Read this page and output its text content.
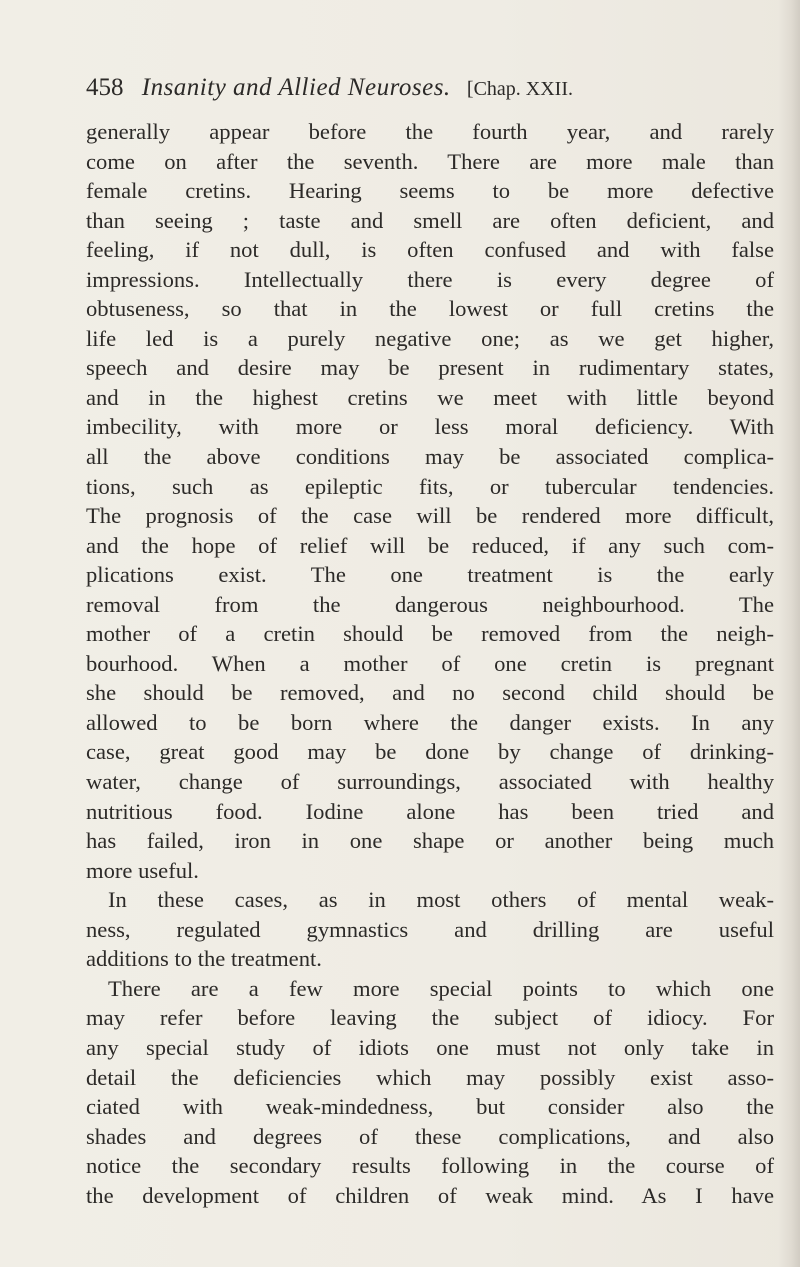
458 Insanity and Allied Neuroses. [Chap. XXII.
generally appear before the fourth year, and rarely
come on after the seventh. There are more male than
female cretins. Hearing seems to be more defective
than seeing ; taste and smell are often deficient, and
feeling, if not dull, is often confused and with false
impressions. Intellectually there is every degree of
obtuseness, so that in the lowest or full cretins the
life led is a purely negative one; as we get higher,
speech and desire may be present in rudimentary states,
and in the highest cretins we meet with little beyond
imbecility, with more or less moral deficiency. With
all the above conditions may be associated complica-
tions, such as epileptic fits, or tubercular tendencies.
The prognosis of the case will be rendered more difficult,
and the hope of relief will be reduced, if any such com-
plications exist. The one treatment is the early
removal from the dangerous neighbourhood. The
mother of a cretin should be removed from the neigh-
bourhood. When a mother of one cretin is pregnant
she should be removed, and no second child should be
allowed to be born where the danger exists. In any
case, great good may be done by change of drinking-
water, change of surroundings, associated with healthy
nutritious food. Iodine alone has been tried and
has failed, iron in one shape or another being much
more useful.
In these cases, as in most others of mental weak-
ness, regulated gymnastics and drilling are useful
additions to the treatment.
There are a few more special points to which one
may refer before leaving the subject of idiocy. For
any special study of idiots one must not only take in
detail the deficiencies which may possibly exist asso-
ciated with weak-mindedness, but consider also the
shades and degrees of these complications, and also
notice the secondary results following in the course of
the development of children of weak mind. As I have
